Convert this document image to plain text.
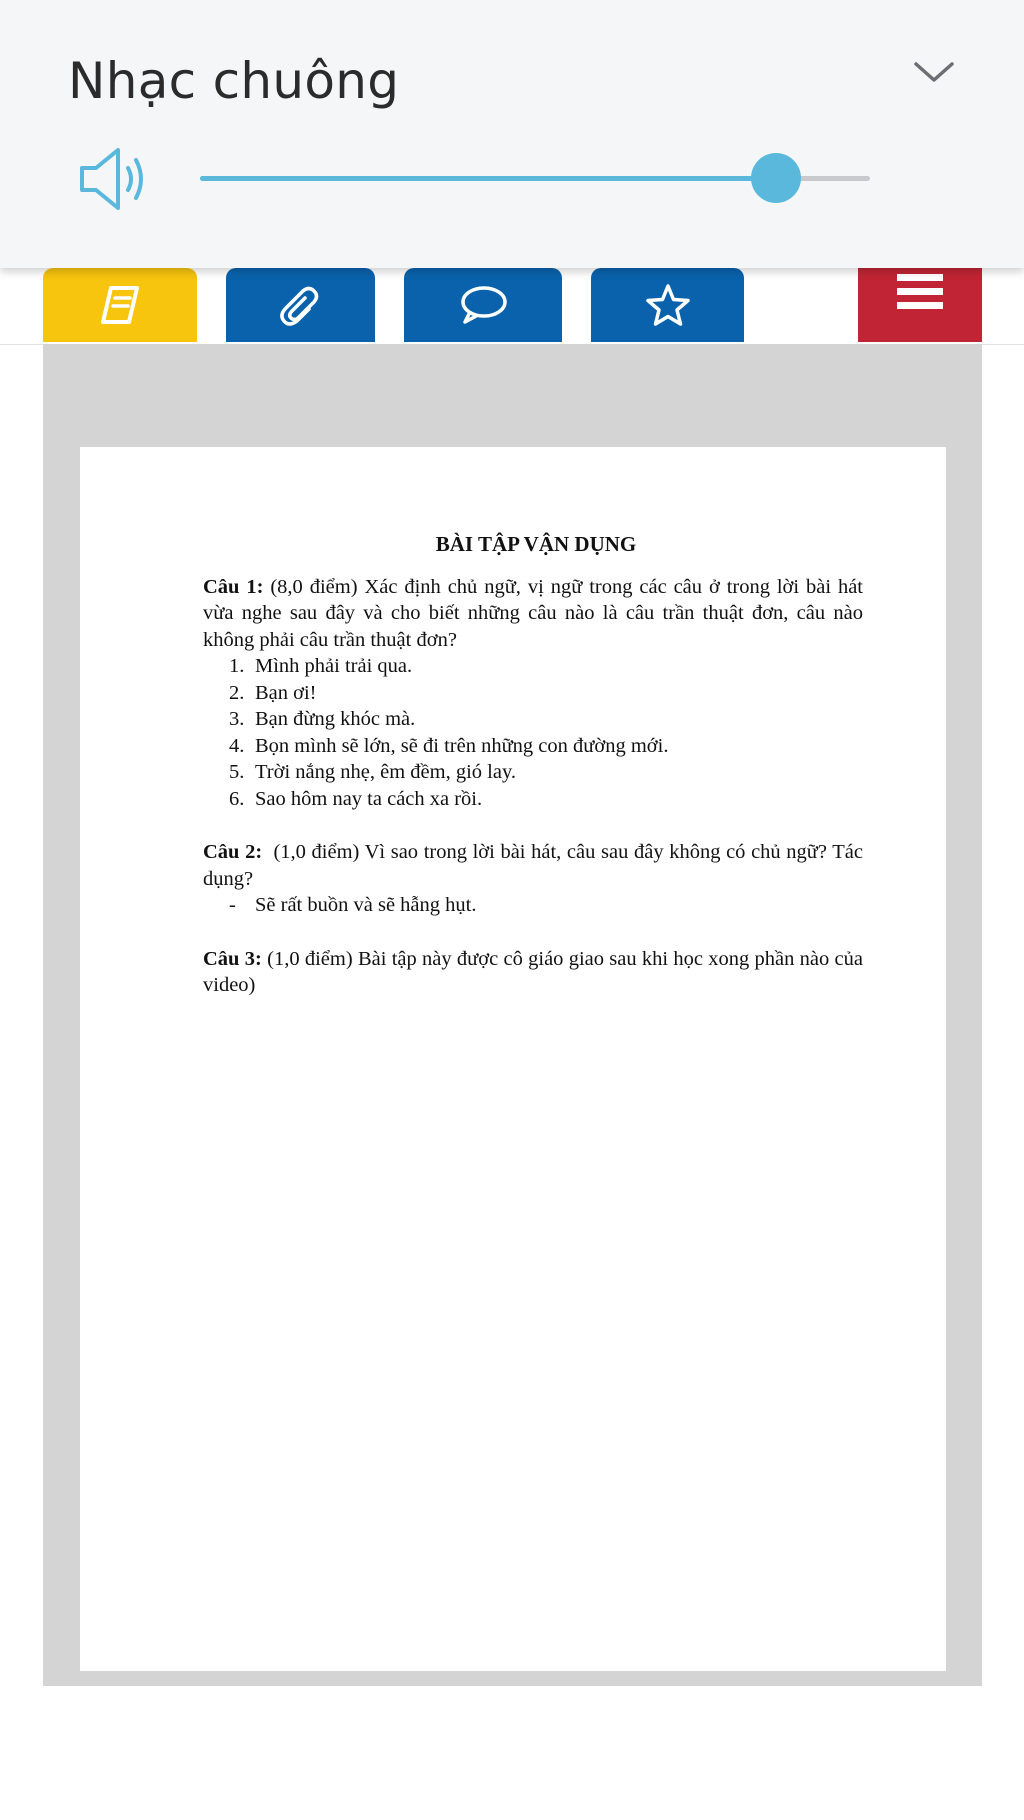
Nhạc chuông
BÀI TẬP VẬN DỤNG

Câu 1: (8,0 điểm) Xác định chủ ngữ, vị ngữ trong các câu ở trong lời bài hát vừa nghe sau đây và cho biết những câu nào là câu trần thuật đơn, câu nào không phải câu trần thuật đơn?

1. Mình phải trải qua.
2. Bạn ơi!
3. Bạn đừng khóc mà.
4. Bọn mình sẽ lớn, sẽ đi trên những con đường mới.
5. Trời nắng nhẹ, êm đềm, gió lay.
6. Sao hôm nay ta cách xa rồi.

Câu 2: (1,0 điểm) Vì sao trong lời bài hát, câu sau đây không có chủ ngữ? Tác dụng?

- Sẽ rất buồn và sẽ hẫng hụt.

Câu 3: (1,0 điểm) Bài tập này được cô giáo giao sau khi học xong phần nào của video)
